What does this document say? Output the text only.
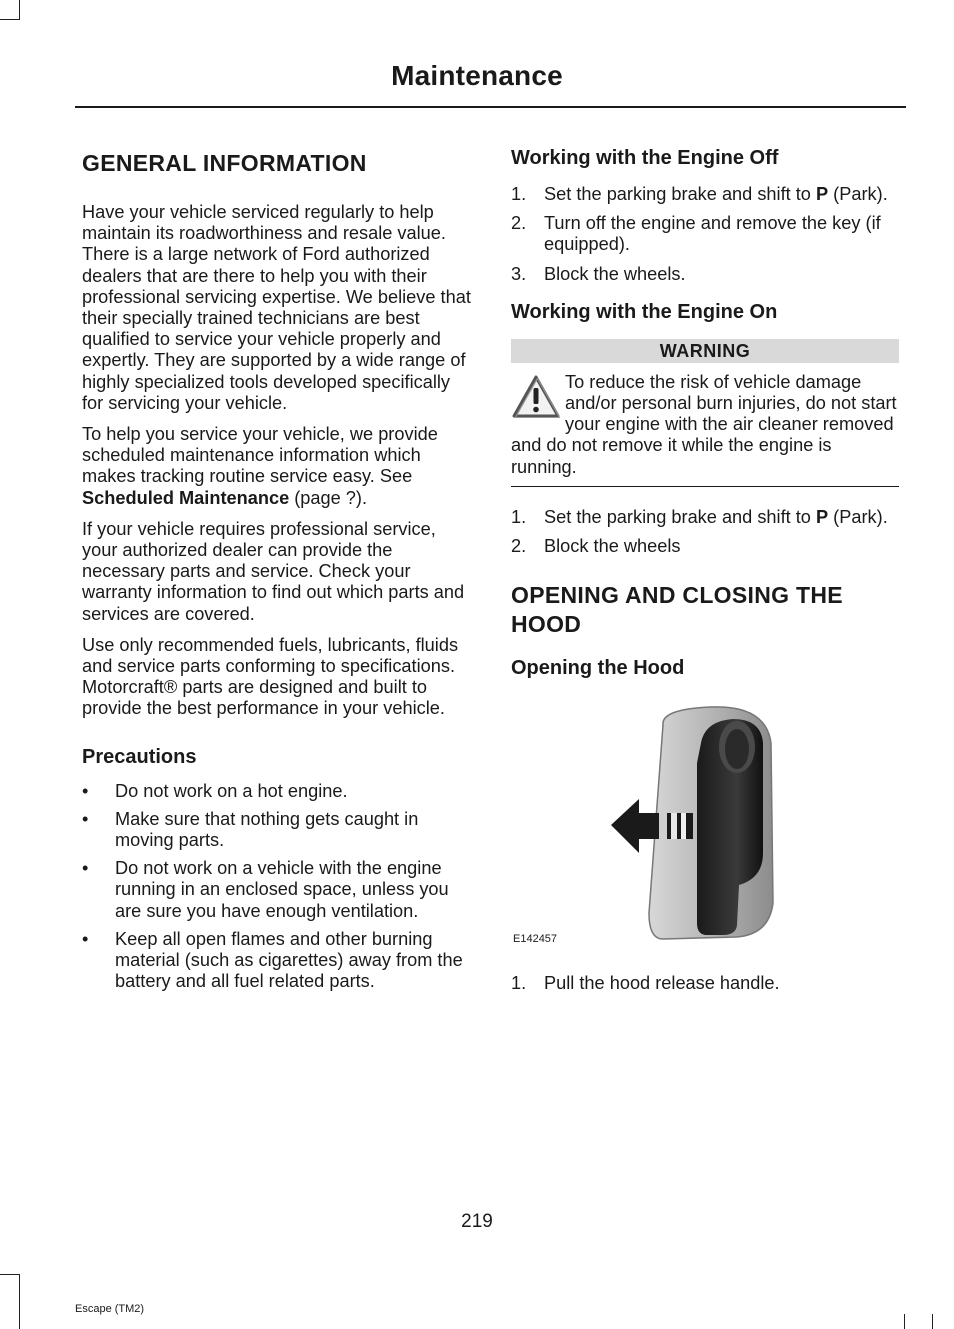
Maintenance
GENERAL INFORMATION

Have your vehicle serviced regularly to help maintain its roadworthiness and resale value. There is a large network of Ford authorized dealers that are there to help you with their professional servicing expertise. We believe that their specially trained technicians are best qualified to service your vehicle properly and expertly. They are supported by a wide range of highly specialized tools developed specifically for servicing your vehicle.

To help you service your vehicle, we provide scheduled maintenance information which makes tracking routine service easy. See Scheduled Maintenance (page ?).

If your vehicle requires professional service, your authorized dealer can provide the necessary parts and service. Check your warranty information to find out which parts and services are covered.

Use only recommended fuels, lubricants, fluids and service parts conforming to specifications. Motorcraft® parts are designed and built to provide the best performance in your vehicle.

Precautions
• Do not work on a hot engine.
• Make sure that nothing gets caught in moving parts.
• Do not work on a vehicle with the engine running in an enclosed space, unless you are sure you have enough ventilation.
• Keep all open flames and other burning material (such as cigarettes) away from the battery and all fuel related parts.
Working with the Engine Off
1. Set the parking brake and shift to P (Park).
2. Turn off the engine and remove the key (if equipped).
3. Block the wheels.
Working with the Engine On
WARNING
To reduce the risk of vehicle damage and/or personal burn injuries, do not start your engine with the air cleaner removed and do not remove it while the engine is running.
1. Set the parking brake and shift to P (Park).
2. Block the wheels
OPENING AND CLOSING THE HOOD
Opening the Hood
E142457
1. Pull the hood release handle.
219
Escape (TM2)
